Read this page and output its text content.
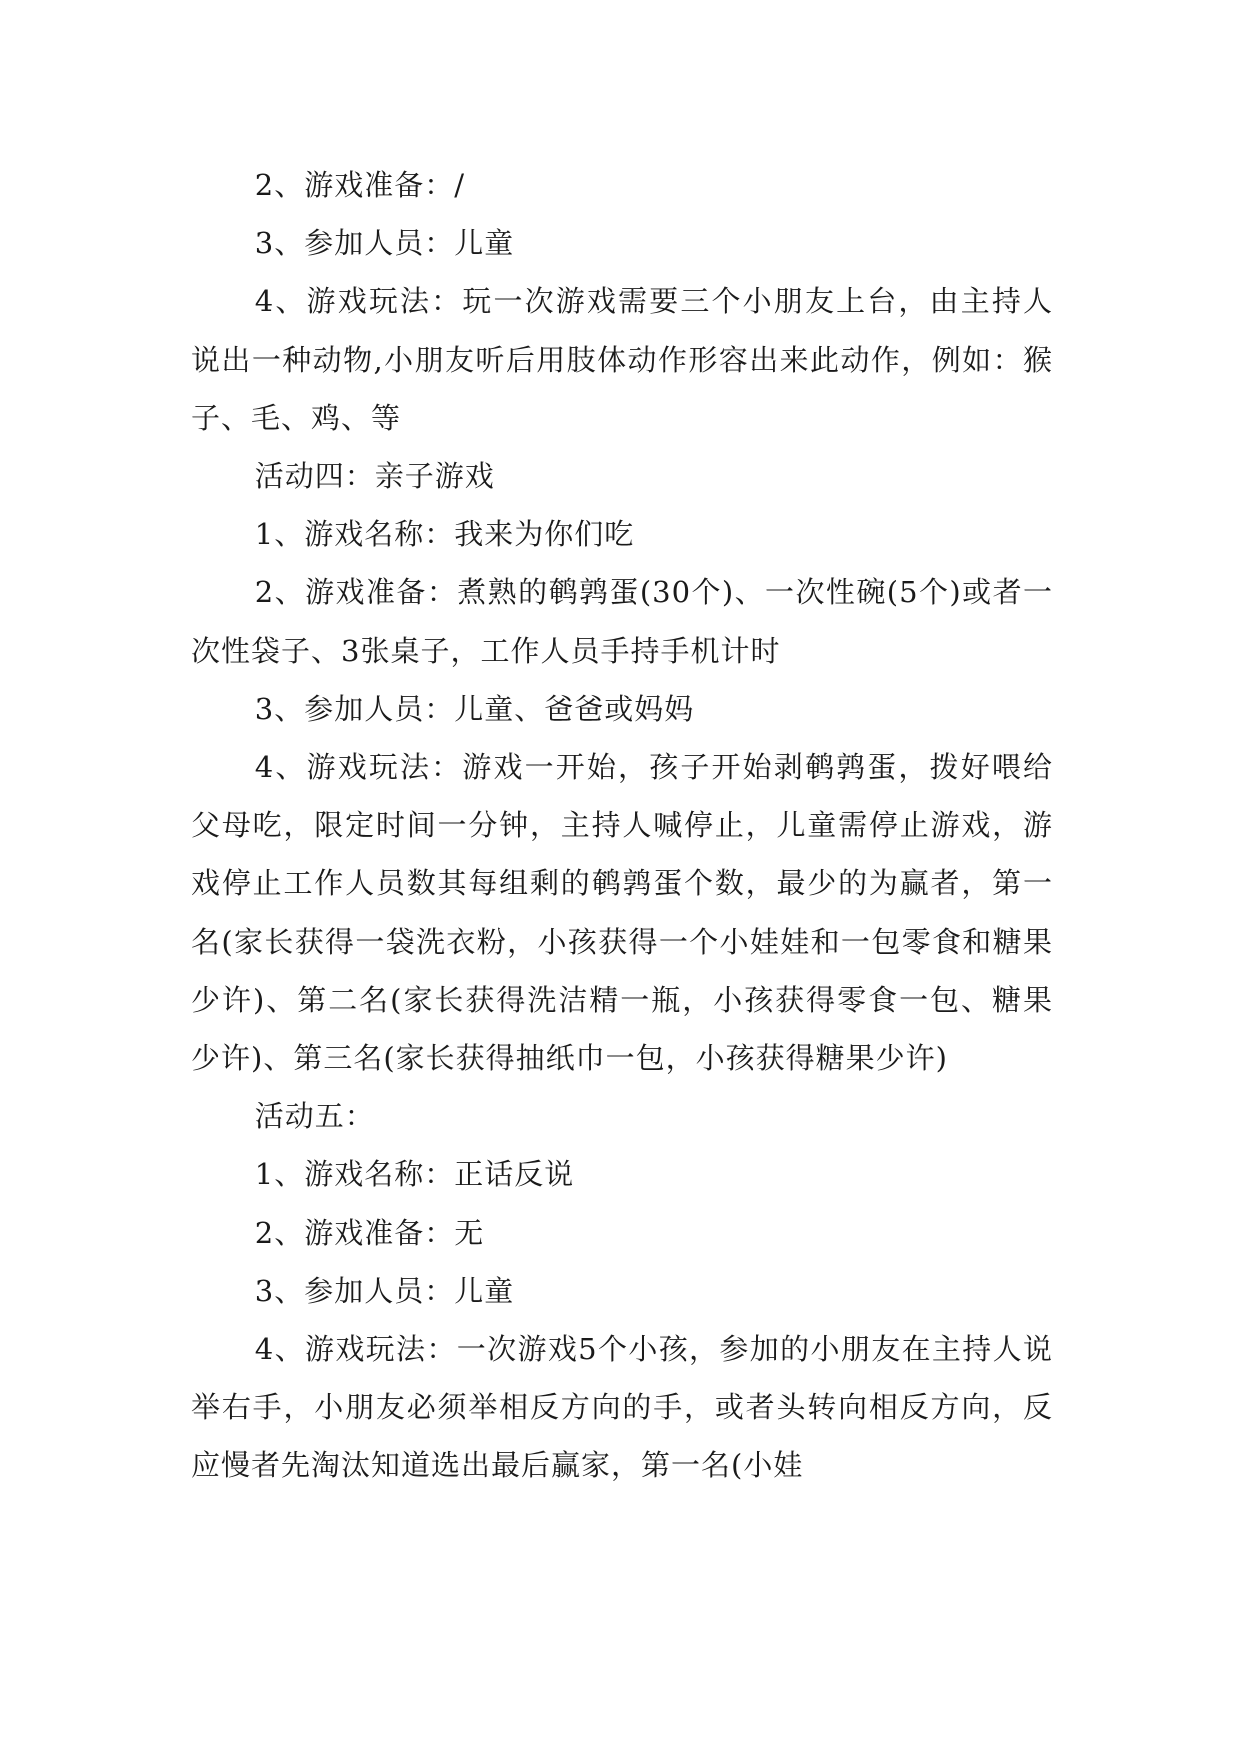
2、游戏准备：/

3、参加人员：儿童

4、游戏玩法：玩一次游戏需要三个小朋友上台，由主持人说出一种动物,小朋友听后用肢体动作形容出来此动作，例如：猴子、毛、鸡、等

活动四：亲子游戏

1、游戏名称：我来为你们吃

2、游戏准备：煮熟的鹌鹑蛋(30个)、一次性碗(5个)或者一次性袋子、3张桌子，工作人员手持手机计时

3、参加人员：儿童、爸爸或妈妈

4、游戏玩法：游戏一开始，孩子开始剥鹌鹑蛋，拨好喂给父母吃，限定时间一分钟，主持人喊停止，儿童需停止游戏，游戏停止工作人员数其每组剩的鹌鹑蛋个数，最少的为赢者，第一名(家长获得一袋洗衣粉，小孩获得一个小娃娃和一包零食和糖果少许)、第二名(家长获得洗洁精一瓶，小孩获得零食一包、糖果少许)、第三名(家长获得抽纸巾一包，小孩获得糖果少许)

活动五：

1、游戏名称：正话反说

2、游戏准备：无

3、参加人员：儿童

4、游戏玩法：一次游戏5个小孩，参加的小朋友在主持人说举右手，小朋友必须举相反方向的手，或者头转向相反方向，反应慢者先淘汰知道选出最后赢家，第一名(小娃
